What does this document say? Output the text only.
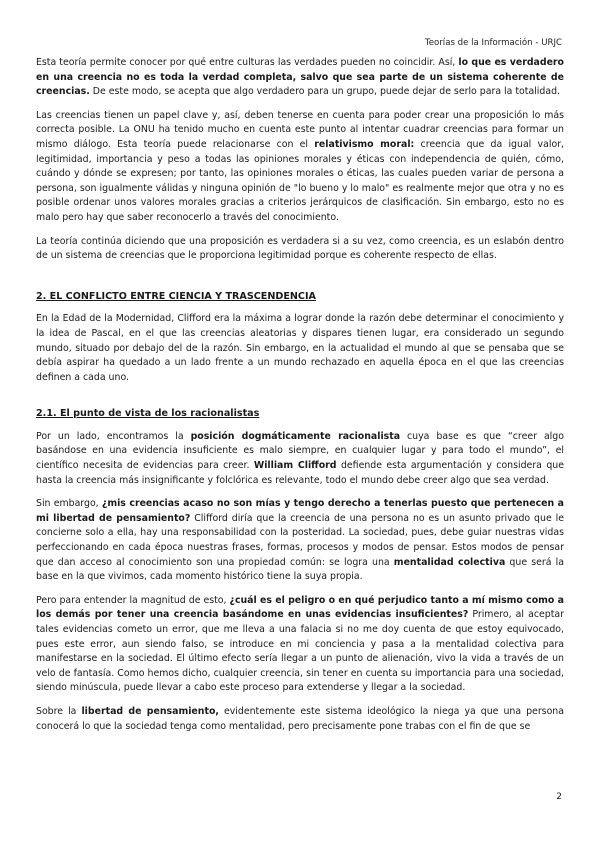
Teorías de la Información - URJC

Esta teoría permite conocer por qué entre culturas las verdades pueden no coincidir. Así, lo que es verdadero en una creencia no es toda la verdad completa, salvo que sea parte de un sistema coherente de creencias. De este modo, se acepta que algo verdadero para un grupo, puede dejar de serlo para la totalidad.

Las creencias tienen un papel clave y, así, deben tenerse en cuenta para poder crear una proposición lo más correcta posible. La ONU ha tenido mucho en cuenta este punto al intentar cuadrar creencias para formar un mismo diálogo. Esta teoría puede relacionarse con el relativismo moral: creencia que da igual valor, legitimidad, importancia y peso a todas las opiniones morales y éticas con independencia de quién, cómo, cuándo y dónde se expresen; por tanto, las opiniones morales o éticas, las cuales pueden variar de persona a persona, son igualmente válidas y ninguna opinión de "lo bueno y lo malo" es realmente mejor que otra y no es posible ordenar unos valores morales gracias a criterios jerárquicos de clasificación. Sin embargo, esto no es malo pero hay que saber reconocerlo a través del conocimiento.

La teoría continúa diciendo que una proposición es verdadera si a su vez, como creencia, es un eslabón dentro de un sistema de creencias que le proporciona legitimidad porque es coherente respecto de ellas.

2. EL CONFLICTO ENTRE CIENCIA Y TRASCENDENCIA

En la Edad de la Modernidad, Clifford era la máxima a lograr donde la razón debe determinar el conocimiento y la idea de Pascal, en el que las creencias aleatorias y dispares tienen lugar, era considerado un segundo mundo, situado por debajo del de la razón. Sin embargo, en la actualidad el mundo al que se pensaba que se debía aspirar ha quedado a un lado frente a un mundo rechazado en aquella época en el que las creencias definen a cada uno.

2.1. El punto de vista de los racionalistas

Por un lado, encontramos la posición dogmáticamente racionalista cuya base es que “creer algo basándose en una evidencia insuficiente es malo siempre, en cualquier lugar y para todo el mundo”, el científico necesita de evidencias para creer. William Clifford defiende esta argumentación y considera que hasta la creencia más insignificante y folclórica es relevante, todo el mundo debe creer algo que sea verdad.

Sin embargo, ¿mis creencias acaso no son mías y tengo derecho a tenerlas puesto que pertenecen a mi libertad de pensamiento? Clifford diría que la creencia de una persona no es un asunto privado que le concierne solo a ella, hay una responsabilidad con la posteridad. La sociedad, pues, debe guiar nuestras vidas perfeccionando en cada época nuestras frases, formas, procesos y modos de pensar. Estos modos de pensar que dan acceso al conocimiento son una propiedad común: se logra una mentalidad colectiva que será la base en la que vivimos, cada momento histórico tiene la suya propia.

Pero para entender la magnitud de esto, ¿cuál es el peligro o en qué perjudico tanto a mí mismo como a los demás por tener una creencia basándome en unas evidencias insuficientes? Primero, al aceptar tales evidencias cometo un error, que me lleva a una falacia si no me doy cuenta de que estoy equivocado, pues este error, aun siendo falso, se introduce en mi conciencia y pasa a la mentalidad colectiva para manifestarse en la sociedad. El último efecto sería llegar a un punto de alienación, vivo la vida a través de un velo de fantasía. Como hemos dicho, cualquier creencia, sin tener en cuenta su importancia para una sociedad, siendo minúscula, puede llevar a cabo este proceso para extenderse y llegar a la sociedad.

Sobre la libertad de pensamiento, evidentemente este sistema ideológico la niega ya que una persona conocerá lo que la sociedad tenga como mentalidad, pero precisamente pone trabas con el fin de que se

2
